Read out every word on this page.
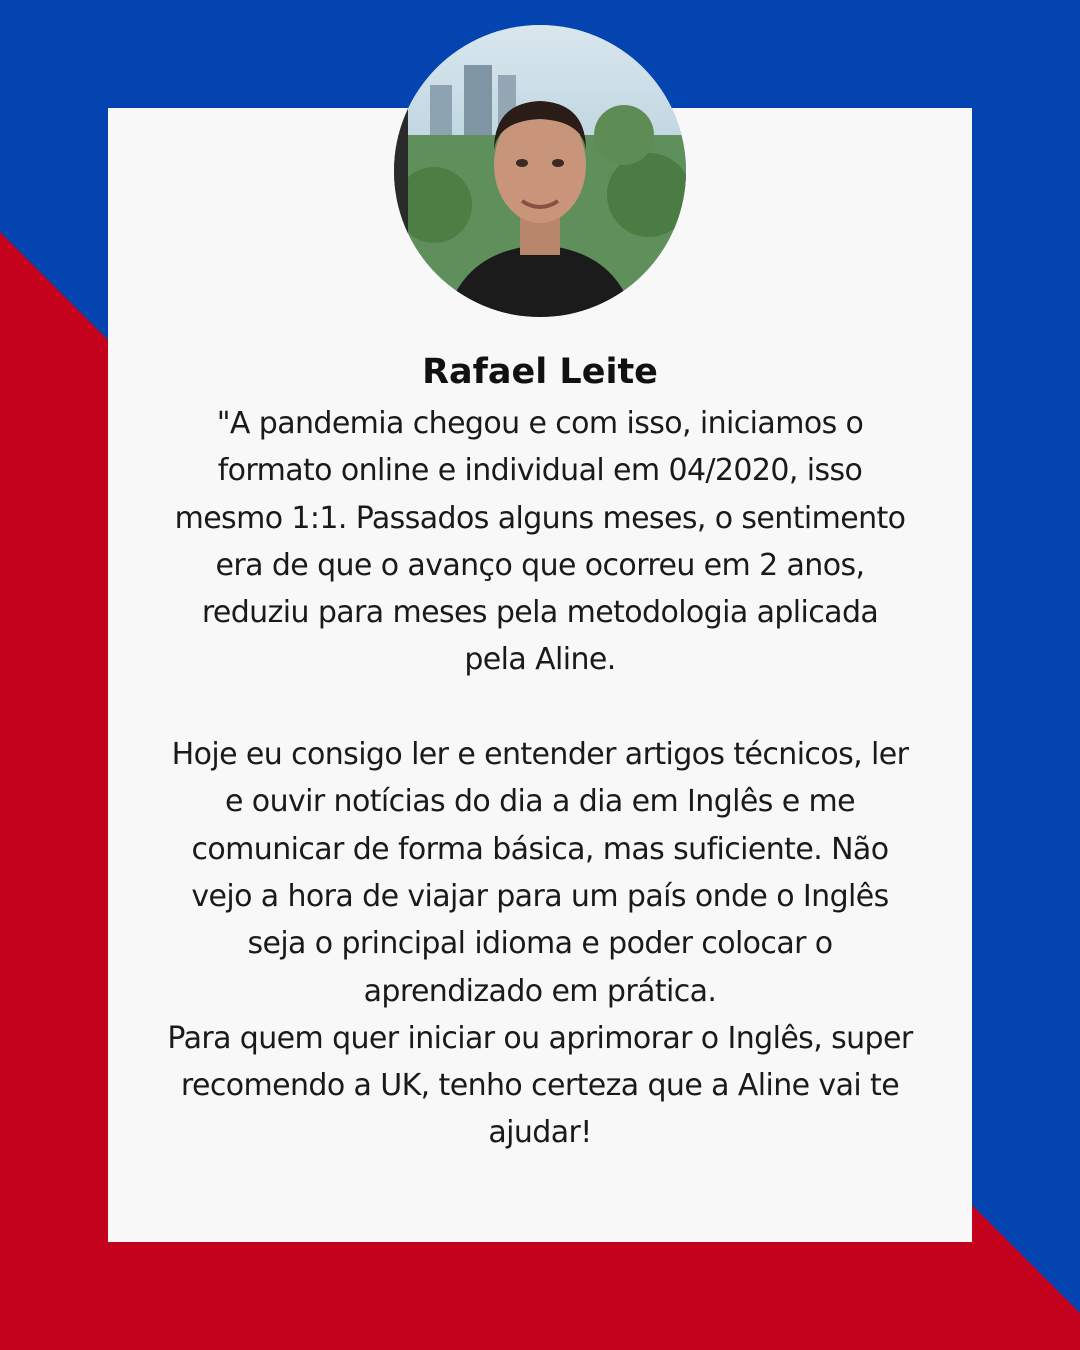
Rafael Leite

"A pandemia chegou e com isso, iniciamos o
formato online e individual em 04/2020, isso
mesmo 1:1. Passados alguns meses, o sentimento
era de que o avanço que ocorreu em 2 anos,
reduziu para meses pela metodologia aplicada
pela Aline.
Hoje eu consigo ler e entender artigos técnicos, ler
e ouvir notícias do dia a dia em Inglês e me
comunicar de forma básica, mas suficiente. Não
vejo a hora de viajar para um país onde o Inglês
seja o principal idioma e poder colocar o
aprendizado em prática.
Para quem quer iniciar ou aprimorar o Inglês, super
recomendo a UK, tenho certeza que a Aline vai te
ajudar!
